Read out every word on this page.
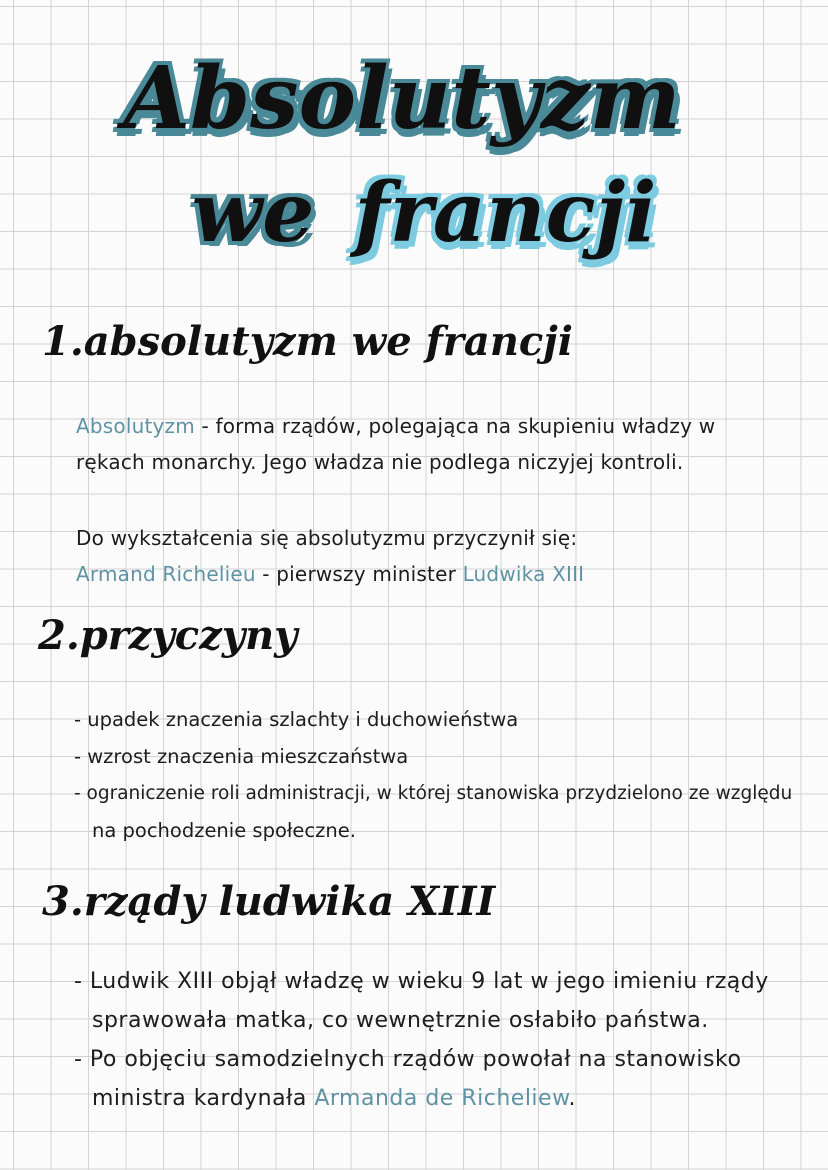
Absolutyzm
we francji
1.absolutyzm we francji
Absolutyzm - forma rządów, polegająca na skupieniu władzy w
rękach monarchy. Jego władza nie podlega niczyjej kontroli.
Do wykształcenia się absolutyzmu przyczynił się:
Armand Richelieu - pierwszy minister Ludwika XIII
2.przyczyny
- upadek znaczenia szlachty i duchowieństwa
- wzrost znaczenia mieszczaństwa
- ograniczenie roli administracji, w której stanowiska przydzielono ze względu
na pochodzenie społeczne.
3.rządy ludwika XIII
- Ludwik XIII objął władzę w wieku 9 lat w jego imieniu rządy
sprawowała matka, co wewnętrznie osłabiło państwa.
- Po objęciu samodzielnych rządów powołał na stanowisko
ministra kardynała Armanda de Richeliew.
